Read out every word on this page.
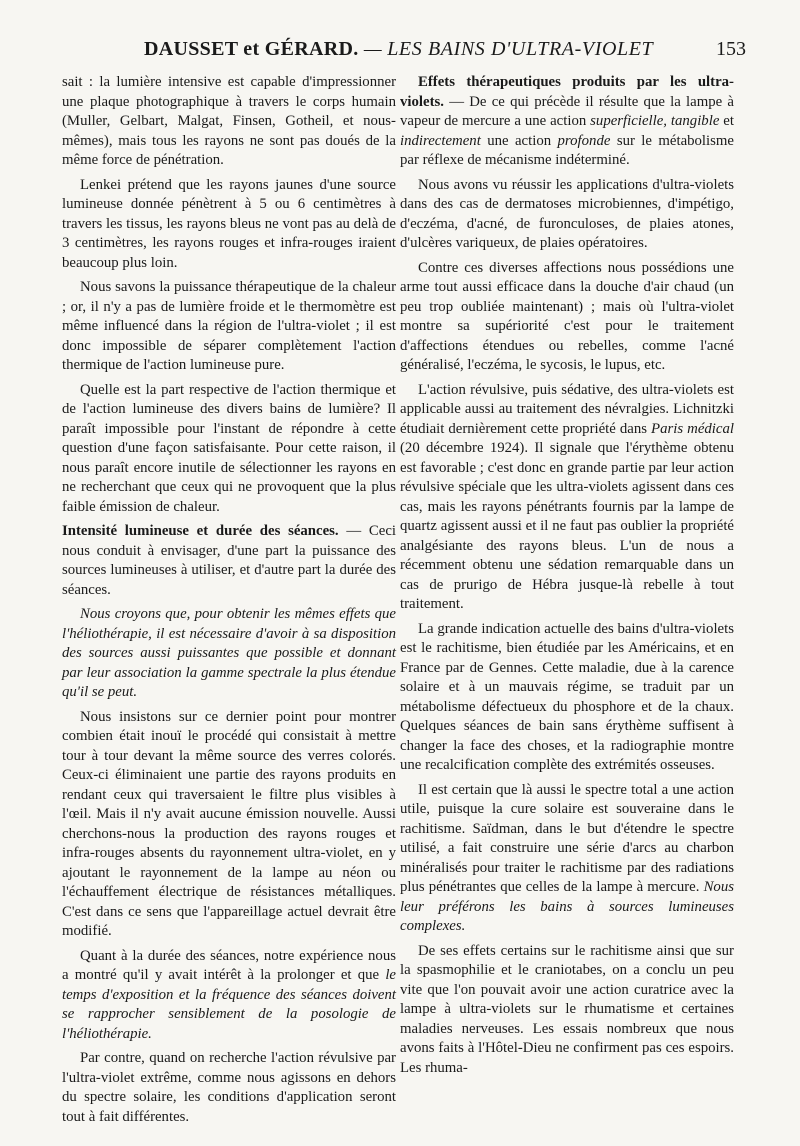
DAUSSET et GÉRARD. — LES BAINS D'ULTRA-VIOLET	153

sait : la lumière intensive est capable d'impressionner une plaque photographique à travers le corps humain (Muller, Gelbart, Malgat, Finsen, Gotheil, et nous-mêmes), mais tous les rayons ne sont pas doués de la même force de pénétration.

Lenkei prétend que les rayons jaunes d'une source lumineuse donnée pénètrent à 5 ou 6 centimètres à travers les tissus, les rayons bleus ne vont pas au delà de 3 centimètres, les rayons rouges et infra-rouges iraient beaucoup plus loin.

Nous savons la puissance thérapeutique de la chaleur ; or, il n'y a pas de lumière froide et le thermomètre est même influencé dans la région de l'ultra-violet ; il est donc impossible de séparer complètement l'action thermique de l'action lumineuse pure.

Quelle est la part respective de l'action thermique et de l'action lumineuse des divers bains de lumière? Il paraît impossible pour l'instant de répondre à cette question d'une façon satisfaisante. Pour cette raison, il nous paraît encore inutile de sélectionner les rayons en ne recherchant que ceux qui ne provoquent que la plus faible émission de chaleur.

Intensité lumineuse et durée des séances. — Ceci nous conduit à envisager, d'une part la puissance des sources lumineuses à utiliser, et d'autre part la durée des séances.

Nous croyons que, pour obtenir les mêmes effets que l'héliothérapie, il est nécessaire d'avoir à sa disposition des sources aussi puissantes que possible et donnant par leur association la gamme spectrale la plus étendue qu'il se peut.

Nous insistons sur ce dernier point pour montrer combien était inouï le procédé qui consistait à mettre tour à tour devant la même source des verres colorés. Ceux-ci éliminaient une partie des rayons produits en rendant ceux qui traversaient le filtre plus visibles à l'œil. Mais il n'y avait aucune émission nouvelle. Aussi cherchons-nous la production des rayons rouges et infra-rouges absents du rayonnement ultra-violet, en y ajoutant le rayonnement de la lampe au néon ou l'échauffement électrique de résistances métalliques. C'est dans ce sens que l'appareillage actuel devrait être modifié.

Quant à la durée des séances, notre expérience nous a montré qu'il y avait intérêt à la prolonger et que le temps d'exposition et la fréquence des séances doivent se rapprocher sensiblement de la posologie de l'héliothérapie.

Par contre, quand on recherche l'action révulsive par l'ultra-violet extrême, comme nous agissons en dehors du spectre solaire, les conditions d'application seront tout à fait différentes.

Effets thérapeutiques produits par les ultra-violets. — De ce qui précède il résulte que la lampe à vapeur de mercure a une action superficielle, tangible et indirectement une action profonde sur le métabolisme par réflexe de mécanisme indéterminé.

Nous avons vu réussir les applications d'ultra-violets dans des cas de dermatoses microbiennes, d'impétigo, d'eczéma, d'acné, de furonculoses, de plaies atones, d'ulcères variqueux, de plaies opératoires.

Contre ces diverses affections nous possédions une arme tout aussi efficace dans la douche d'air chaud (un peu trop oubliée maintenant) ; mais où l'ultra-violet montre sa supériorité c'est pour le traitement d'affections étendues ou rebelles, comme l'acné généralisé, l'eczéma, le sycosis, le lupus, etc.

L'action révulsive, puis sédative, des ultra-violets est applicable aussi au traitement des névralgies. Lichnitzki étudiait dernièrement cette propriété dans Paris médical (20 décembre 1924). Il signale que l'érythème obtenu est favorable ; c'est donc en grande partie par leur action révulsive spéciale que les ultra-violets agissent dans ces cas, mais les rayons pénétrants fournis par la lampe de quartz agissent aussi et il ne faut pas oublier la propriété analgésiante des rayons bleus. L'un de nous a récemment obtenu une sédation remarquable dans un cas de prurigo de Hébra jusque-là rebelle à tout traitement.

La grande indication actuelle des bains d'ultra-violets est le rachitisme, bien étudiée par les Américains, et en France par de Gennes. Cette maladie, due à la carence solaire et à un mauvais régime, se traduit par un métabolisme défectueux du phosphore et de la chaux. Quelques séances de bain sans érythème suffisent à changer la face des choses, et la radiographie montre une recalcification complète des extrémités osseuses.

Il est certain que là aussi le spectre total a une action utile, puisque la cure solaire est souveraine dans le rachitisme. Saïdman, dans le but d'étendre le spectre utilisé, a fait construire une série d'arcs au charbon minéralisés pour traiter le rachitisme par des radiations plus pénétrantes que celles de la lampe à mercure. Nous leur préférons les bains à sources lumineuses complexes.

De ses effets certains sur le rachitisme ainsi que sur la spasmophilie et le craniotabes, on a conclu un peu vite que l'on pouvait avoir une action curatrice avec la lampe à ultra-violets sur le rhumatisme et certaines maladies nerveuses. Les essais nombreux que nous avons faits à l'Hôtel-Dieu ne confirment pas ces espoirs. Les rhuma-
